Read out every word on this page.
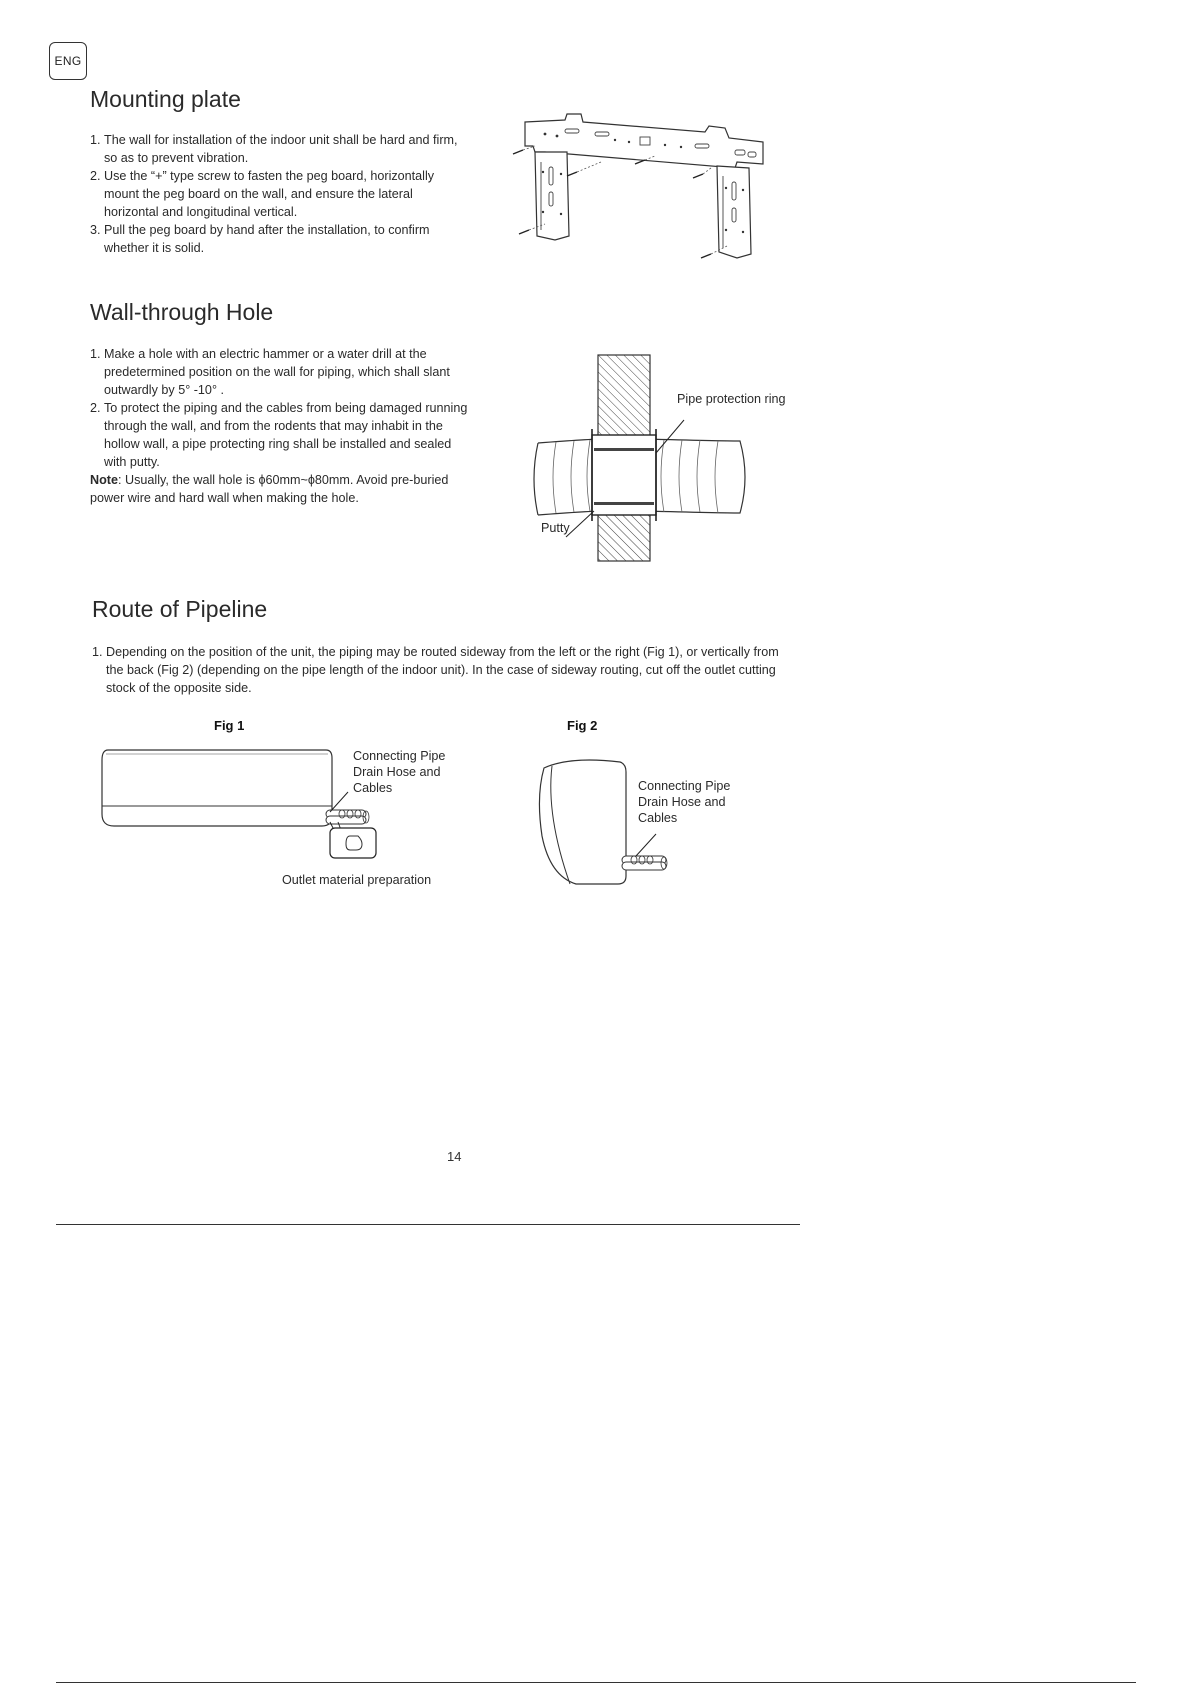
ENG
Mounting plate
1. The wall for installation of the indoor unit shall be hard and firm, so as to prevent vibration.
2. Use the “+” type screw to fasten the peg board, horizontally mount the peg board on the wall, and ensure the lateral horizontal and longitudinal vertical.
3. Pull the peg board by hand after the installation, to confirm whether it is solid.
Wall-through Hole
1. Make a hole with an electric hammer or a water drill at the predetermined position on the wall for piping, which shall slant outwardly by 5° -10° .
2. To protect the piping and the cables from being damaged running through the wall, and from the rodents that may inhabit in the hollow wall, a pipe protecting ring shall be installed and sealed with putty.
Note: Usually, the wall hole is ϕ60mm~ϕ80mm. Avoid pre-buried power wire and hard wall when making the hole.
Pipe protection ring
Putty
Route of Pipeline
1. Depending on the position of the unit, the piping may be routed sideway from the left or the right (Fig 1), or vertically from the back (Fig 2) (depending on the pipe length of the indoor unit). In the case of sideway routing, cut off the outlet cutting stock of the opposite side.
Fig 1	Fig 2
Connecting Pipe Drain Hose and Cables
Outlet material preparation
Connecting Pipe Drain Hose and Cables
14
